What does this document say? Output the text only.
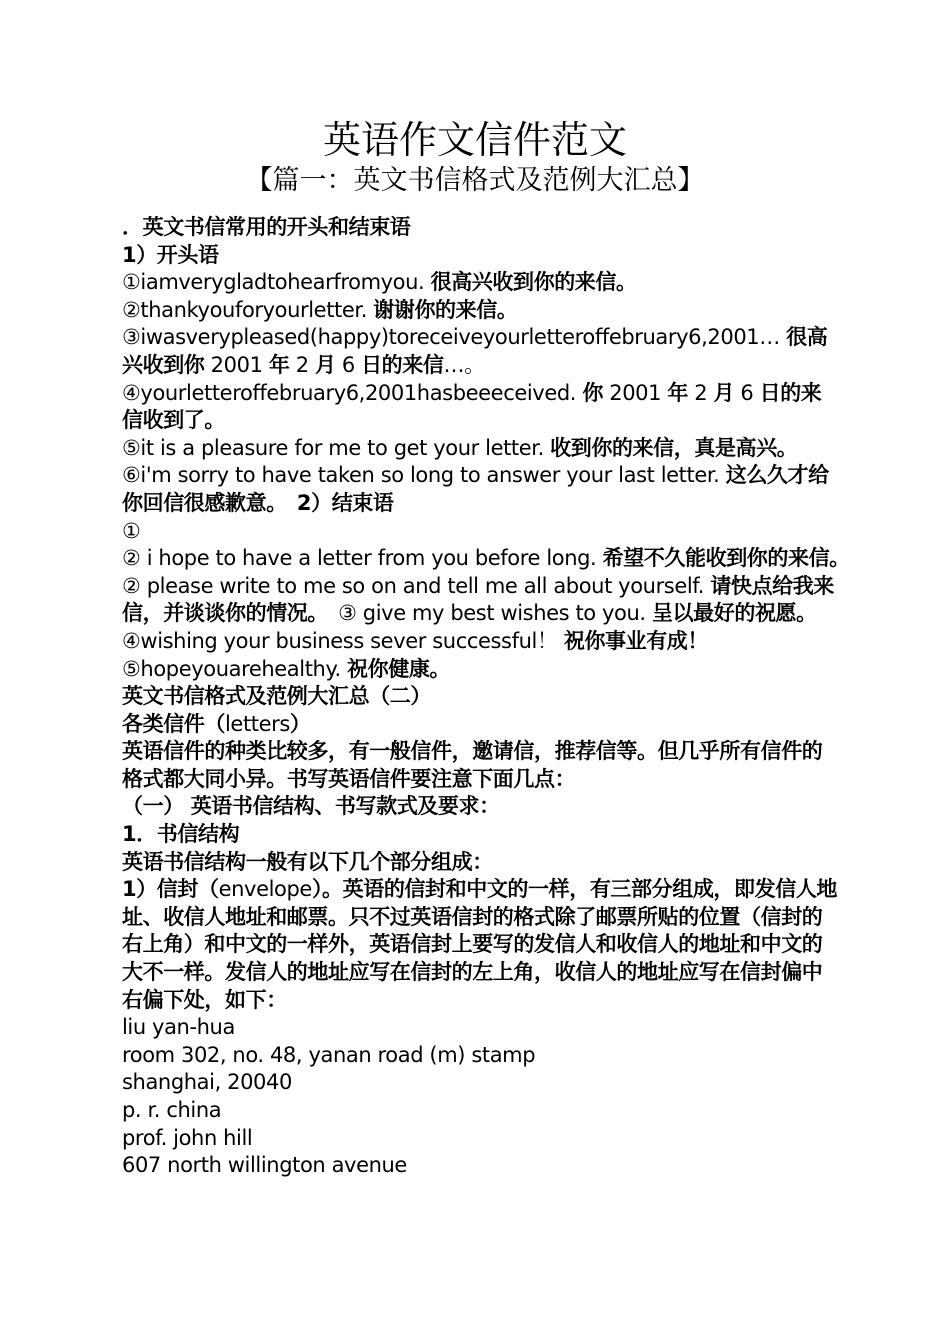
英语作文信件范文
【篇一：英文书信格式及范例大汇总】

．英文书信常用的开头和结束语

1）开头语

①iamverygladtohearfromyou. 很高兴收到你的来信。

②thankyouforyourletter. 谢谢你的来信。

③iwasverypleased(happy)toreceiveyourletteroffebruary6,2001… 很高兴收到你 2001 年 2 月 6 日的来信…。

④yourletteroffebruary6,2001hasbeeeceived. 你 2001 年 2 月 6 日的来信收到了。

⑤it is a pleasure for me to get your letter. 收到你的来信，真是高兴。

⑥i'm sorry to have taken so long to answer your last letter. 这么久才给你回信很感歉意。　2）结束语

①

② i hope to have a letter from you before long. 希望不久能收到你的来信。　② please write to me so on and tell me all about yourself. 请快点给我来信，并谈谈你的情况。　③ give my best wishes to you. 呈以最好的祝愿。

④wishing your business sever successful！ 祝你事业有成！

⑤hopeyouarehealthy. 祝你健康。

英文书信格式及范例大汇总（二）

各类信件（letters）

英语信件的种类比较多，有一般信件，邀请信，推荐信等。但几乎所有信件的格式都大同小异。书写英语信件要注意下面几点：

（一） 英语书信结构、书写款式及要求：

1．书信结构

英语书信结构一般有以下几个部分组成：

1）信封（envelope）。英语的信封和中文的一样，有三部分组成，即发信人地址、收信人地址和邮票。只不过英语信封的格式除了邮票所贴的位置（信封的右上角）和中文的一样外，英语信封上要写的发信人和收信人的地址和中文的大不一样。发信人的地址应写在信封的左上角，收信人的地址应写在信封偏中右偏下处，如下：

liu yan-hua

room 302, no. 48, yanan road (m) stamp

shanghai, 20040

p. r. china

prof. john hill

607 north willington avenue
